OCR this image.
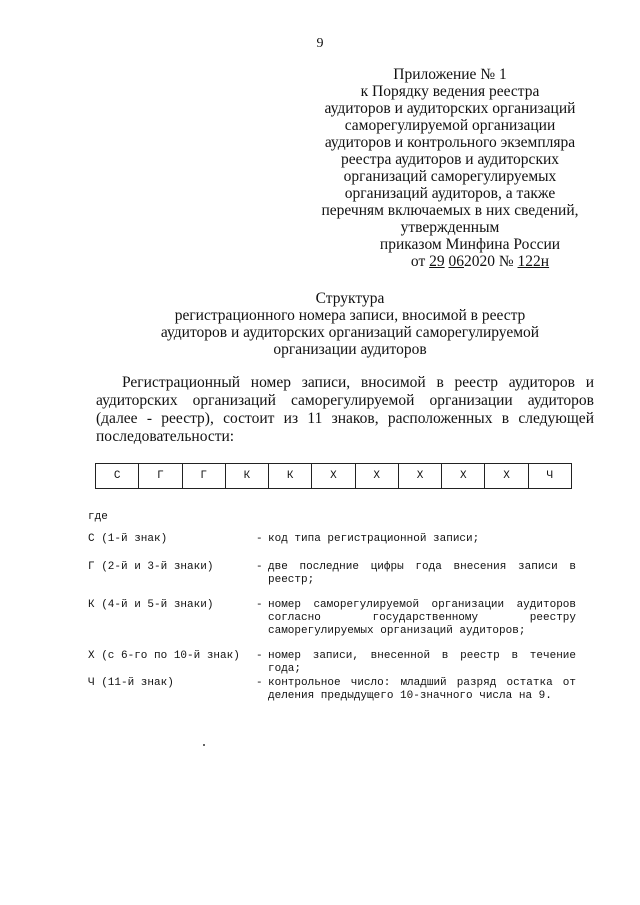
9
Приложение № 1
к Порядку ведения реестра
аудиторов и аудиторских организаций
саморегулируемой организации
аудиторов и контрольного экземпляра
реестра аудиторов и аудиторских
организаций саморегулируемых
организаций аудиторов, а также
перечням включаемых в них сведений,
утвержденным
приказом Минфина России
от 29 062020 № 122н
Структура
регистрационного номера записи, вносимой в реестр
аудиторов и аудиторских организаций саморегулируемой
организации аудиторов
Регистрационный номер записи, вносимой в реестр аудиторов и аудиторских организаций саморегулируемой организации аудиторов (далее - реестр), состоит из 11 знаков, расположенных в следующей последовательности:
С	Г	Г	К	К	Х	Х	Х	Х	Х	Ч
где
С (1-й знак)	- код типа регистрационной записи;
Г (2-й и 3-й знаки)	- две последние цифры года внесения записи в реестр;
К (4-й и 5-й знаки)	- номер саморегулируемой организации аудиторов согласно государственному реестру саморегулируемых организаций аудиторов;
Х (с 6-го по 10-й знак) - номер записи, внесенной в реестр в течение года;
Ч (11-й знак)	- контрольное число: младший разряд остатка от деления предыдущего 10-значного числа на 9.
